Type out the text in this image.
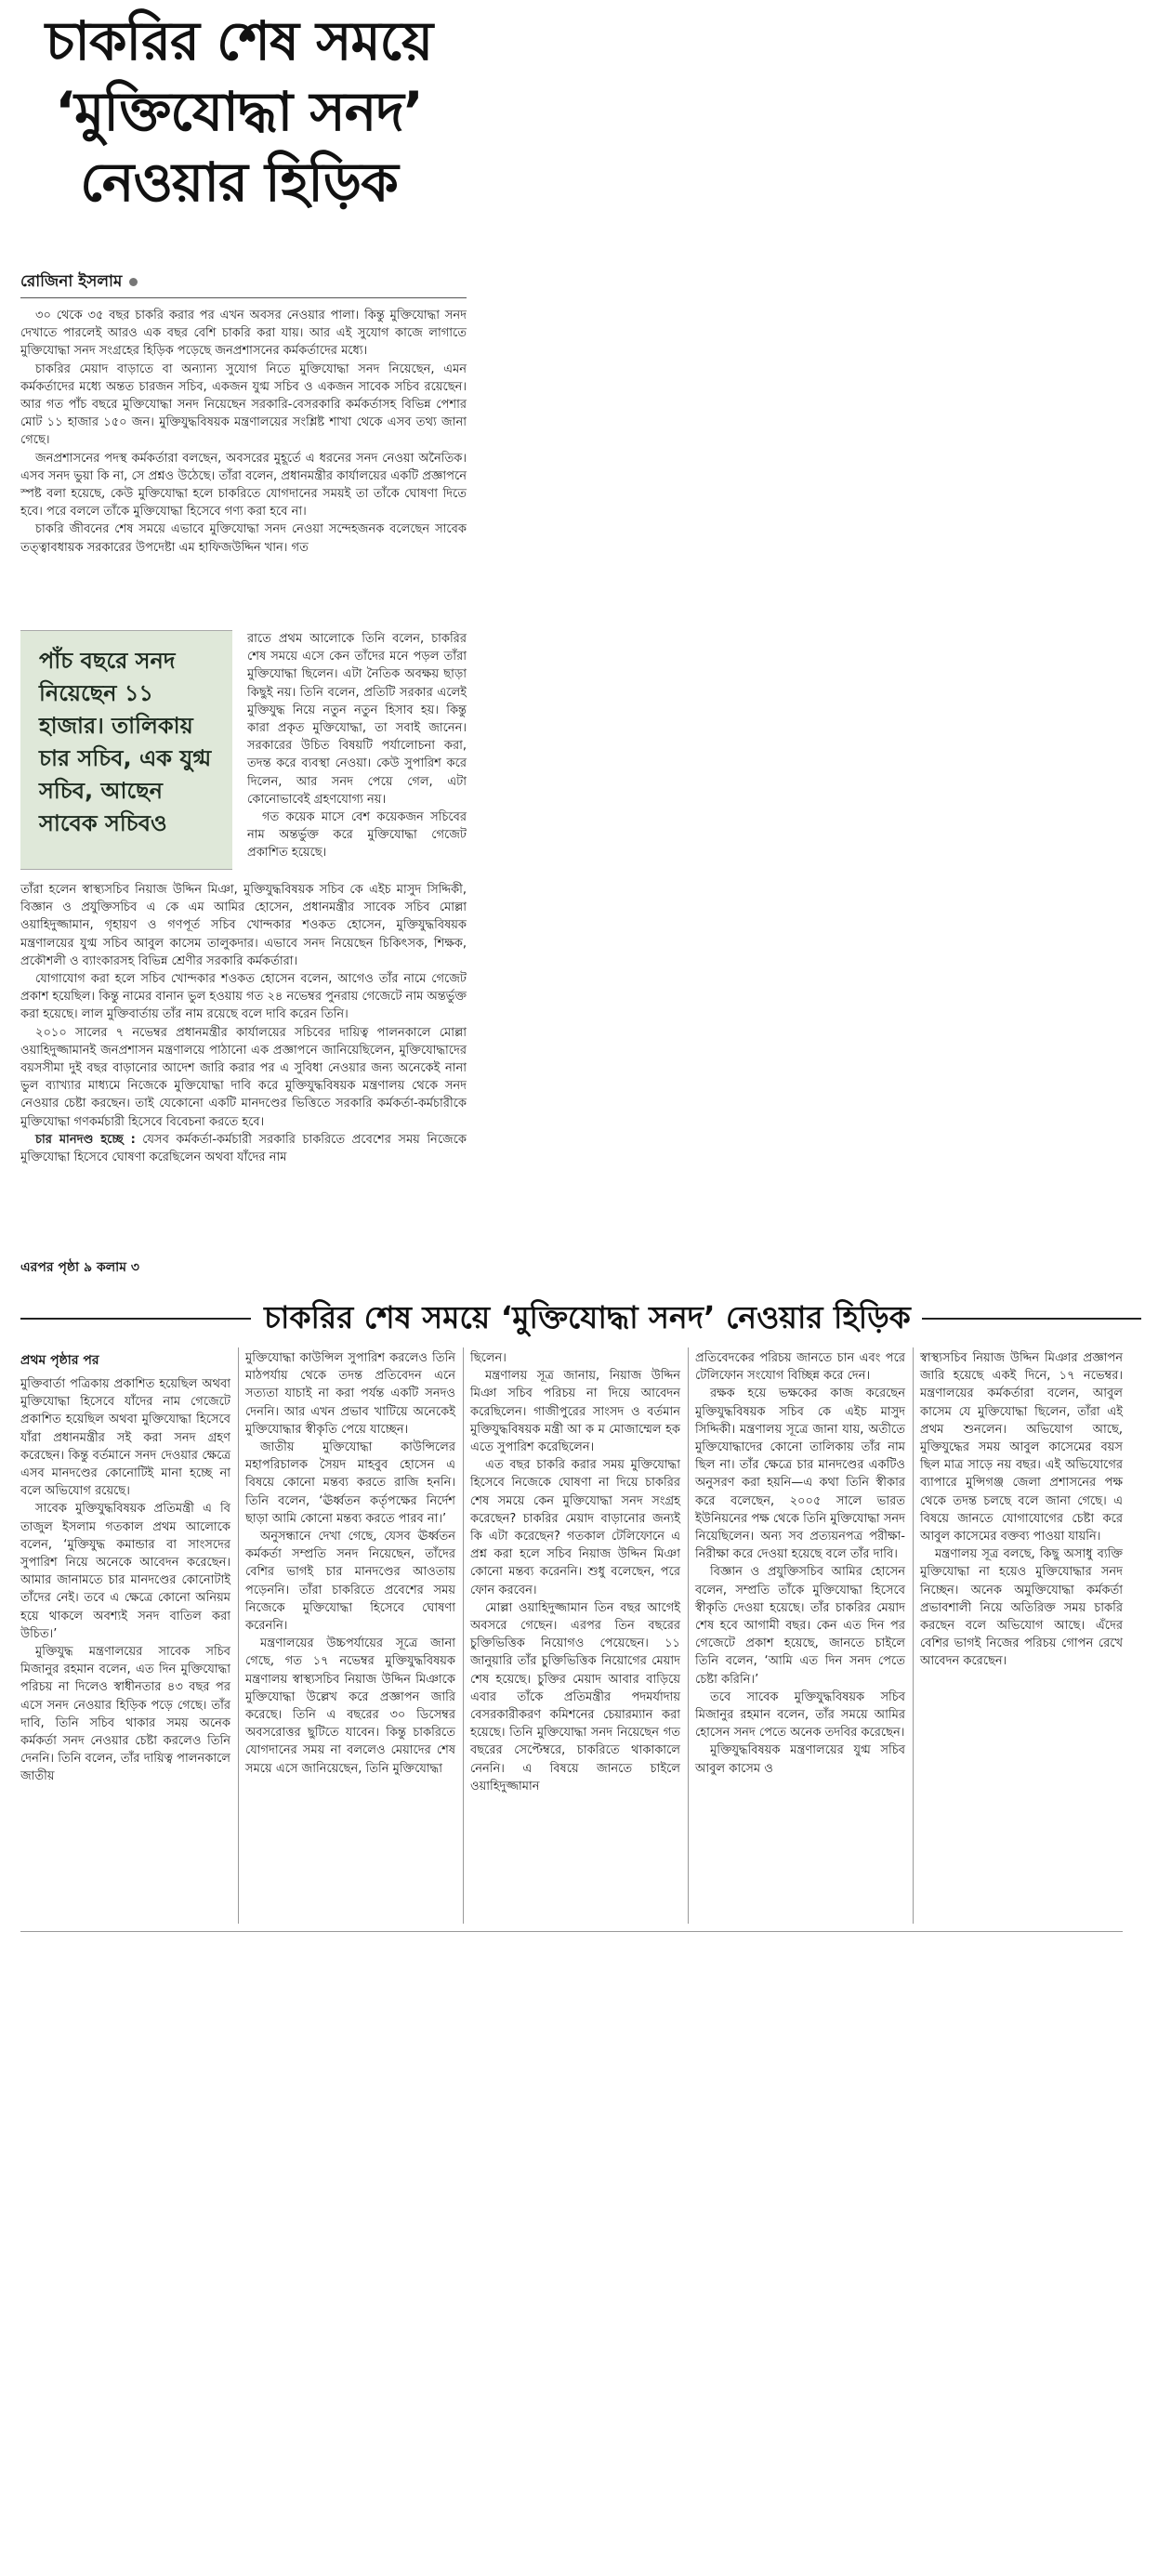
চাকরির শেষ সময়ে
‘মুক্তিযোদ্ধা সনদ’
নেওয়ার হিড়িক
রোজিনা ইসলাম

৩০ থেকে ৩৫ বছর চাকরি করার পর এখন অবসর নেওয়ার পালা। কিন্তু মুক্তিযোদ্ধা সনদ দেখাতে পারলেই আরও এক বছর বেশি চাকরি করা যায়। আর এই সুযোগ কাজে লাগাতে মুক্তিযোদ্ধা সনদ সংগ্রহের হিড়িক পড়েছে জনপ্রশাসনের কর্মকর্তাদের মধ্যে।

চাকরির মেয়াদ বাড়াতে বা অন্যান্য সুযোগ নিতে মুক্তিযোদ্ধা সনদ নিয়েছেন, এমন কর্মকর্তাদের মধ্যে অন্তত চারজন সচিব, একজন যুগ্ম সচিব ও একজন সাবেক সচিব রয়েছেন। আর গত পাঁচ বছরে মুক্তিযোদ্ধা সনদ নিয়েছেন সরকারি-বেসরকারি কর্মকর্তাসহ বিভিন্ন পেশার মোট ১১ হাজার ১৫০ জন। মুক্তিযুদ্ধবিষয়ক মন্ত্রণালয়ের সংশ্লিষ্ট শাখা থেকে এসব তথ্য জানা গেছে।

জনপ্রশাসনের পদস্থ কর্মকর্তারা বলছেন, অবসরের মুহূর্তে এ ধরনের সনদ নেওয়া অনৈতিক। এসব সনদ ভুয়া কি না, সে প্রশ্নও উঠেছে। তাঁরা বলেন, প্রধানমন্ত্রীর কার্যালয়ের একটি প্রজ্ঞাপনে স্পষ্ট বলা হয়েছে, কেউ মুক্তিযোদ্ধা হলে চাকরিতে যোগদানের সময়ই তা তাঁকে ঘোষণা দিতে হবে। পরে বললে তাঁকে মুক্তিযোদ্ধা হিসেবে গণ্য করা হবে না।

চাকরি জীবনের শেষ সময়ে এভাবে মুক্তিযোদ্ধা সনদ নেওয়া সন্দেহজনক বলেছেন সাবেক তত্ত্বাবধায়ক সরকারের উপদেষ্টা এম হাফিজউদ্দিন খান। গত

পাঁচ বছরে সনদ নিয়েছেন ১১ হাজার। তালিকায় চার সচিব, এক যুগ্ম সচিব, আছেন সাবেক সচিবও

রাতে প্রথম আলোকে তিনি বলেন, চাকরির শেষ সময়ে এসে কেন তাঁদের মনে পড়ল তাঁরা মুক্তিযোদ্ধা ছিলেন। এটা নৈতিক অবক্ষয় ছাড়া কিছুই নয়। তিনি বলেন, প্রতিটি সরকার এলেই মুক্তিযুদ্ধ নিয়ে নতুন নতুন হিসাব হয়। কিন্তু কারা প্রকৃত মুক্তিযোদ্ধা, তা সবাই জানেন। সরকারের উচিত বিষয়টি পর্যালোচনা করা, তদন্ত করে ব্যবস্থা নেওয়া। কেউ সুপারিশ করে দিলেন, আর সনদ পেয়ে গেল, এটা কোনোভাবেই গ্রহণযোগ্য নয়।

গত কয়েক মাসে বেশ কয়েকজন সচিবের নাম অন্তর্ভুক্ত করে মুক্তিযোদ্ধা গেজেট প্রকাশিত হয়েছে।

তাঁরা হলেন স্বাস্থ্যসচিব নিয়াজ উদ্দিন মিঞা, মুক্তিযুদ্ধবিষয়ক সচিব কে এইচ মাসুদ সিদ্দিকী, বিজ্ঞান ও প্রযুক্তিসচিব এ কে এম আমির হোসেন, প্রধানমন্ত্রীর সাবেক সচিব মোল্লা ওয়াহিদুজ্জামান, গৃহায়ণ ও গণপূর্ত সচিব খোন্দকার শওকত হোসেন, মুক্তিযুদ্ধবিষয়ক মন্ত্রণালয়ের যুগ্ম সচিব আবুল কাসেম তালুকদার। এভাবে সনদ নিয়েছেন চিকিৎসক, শিক্ষক, প্রকৌশলী ও ব্যাংকারসহ বিভিন্ন শ্রেণীর সরকারি কর্মকর্তারা।

যোগাযোগ করা হলে সচিব খোন্দকার শওকত হোসেন বলেন, আগেও তাঁর নামে গেজেট প্রকাশ হয়েছিল। কিন্তু নামের বানান ভুল হওয়ায় গত ২৪ নভেম্বর পুনরায় গেজেটে নাম অন্তর্ভুক্ত করা হয়েছে। লাল মুক্তিবার্তায় তাঁর নাম রয়েছে বলে দাবি করেন তিনি।

২০১০ সালের ৭ নভেম্বর প্রধানমন্ত্রীর কার্যালয়ের সচিবের দায়িত্ব পালনকালে মোল্লা ওয়াহিদুজ্জামানই জনপ্রশাসন মন্ত্রণালয়ে পাঠানো এক প্রজ্ঞাপনে জানিয়েছিলেন, মুক্তিযোদ্ধাদের বয়সসীমা দুই বছর বাড়ানোর আদেশ জারি করার পর এ সুবিধা নেওয়ার জন্য অনেকেই নানা ভুল ব্যাখ্যার মাধ্যমে নিজেকে মুক্তিযোদ্ধা দাবি করে মুক্তিযুদ্ধবিষয়ক মন্ত্রণালয় থেকে সনদ নেওয়ার চেষ্টা করছেন। তাই যেকোনো একটি মানদণ্ডের ভিত্তিতে সরকারি কর্মকর্তা-কর্মচারীকে মুক্তিযোদ্ধা গণকর্মচারী হিসেবে বিবেচনা করতে হবে।

চার মানদণ্ড হচ্ছে : যেসব কর্মকর্তা-কর্মচারী সরকারি চাকরিতে প্রবেশের সময় নিজেকে মুক্তিযোদ্ধা হিসেবে ঘোষণা করেছিলেন অথবা যাঁদের নাম

এরপর পৃষ্ঠা ৯ কলাম ৩
চাকরির শেষ সময়ে ‘মুক্তিযোদ্ধা সনদ’ নেওয়ার হিড়িক
প্রথম পৃষ্ঠার পর

মুক্তিবার্তা পত্রিকায় প্রকাশিত হয়েছিল অথবা মুক্তিযোদ্ধা হিসেবে যাঁদের নাম গেজেটে প্রকাশিত হয়েছিল অথবা মুক্তিযোদ্ধা হিসেবে যাঁরা প্রধানমন্ত্রীর সই করা সনদ গ্রহণ করেছেন। কিন্তু বর্তমানে সনদ দেওয়ার ক্ষেত্রে এসব মানদণ্ডের কোনোটিই মানা হচ্ছে না বলে অভিযোগ রয়েছে।

সাবেক মুক্তিযুদ্ধবিষয়ক প্রতিমন্ত্রী এ বি তাজুল ইসলাম গতকাল প্রথম আলোকে বলেন, ‘মুক্তিযুদ্ধ কমান্ডার বা সাংসদের সুপারিশ নিয়ে অনেকে আবেদন করেছেন। আমার জানামতে চার মানদণ্ডের কোনোটাই তাঁদের নেই। তবে এ ক্ষেত্রে কোনো অনিয়ম হয়ে থাকলে অবশ্যই সনদ বাতিল করা উচিত।’

মুক্তিযুদ্ধ মন্ত্রণালয়ের সাবেক সচিব মিজানুর রহমান বলেন, এত দিন মুক্তিযোদ্ধা পরিচয় না দিলেও স্বাধীনতার ৪৩ বছর পর এসে সনদ নেওয়ার হিড়িক পড়ে গেছে। তাঁর দাবি, তিনি সচিব থাকার সময় অনেক কর্মকর্তা সনদ নেওয়ার চেষ্টা করলেও তিনি দেননি। তিনি বলেন, তাঁর দায়িত্ব পালনকালে জাতীয়

মুক্তিযোদ্ধা কাউন্সিল সুপারিশ করলেও তিনি মাঠপর্যায় থেকে তদন্ত প্রতিবেদন এনে সত্যতা যাচাই না করা পর্যন্ত একটি সনদও দেননি। আর এখন প্রভাব খাটিয়ে অনেকেই মুক্তিযোদ্ধার স্বীকৃতি পেয়ে যাচ্ছেন।

জাতীয় মুক্তিযোদ্ধা কাউন্সিলের মহাপরিচালক সৈয়দ মাহবুব হোসেন এ বিষয়ে কোনো মন্তব্য করতে রাজি হননি। তিনি বলেন, ‘ঊর্ধ্বতন কর্তৃপক্ষের নির্দেশ ছাড়া আমি কোনো মন্তব্য করতে পারব না।’

অনুসন্ধানে দেখা গেছে, যেসব ঊর্ধ্বতন কর্মকর্তা সম্প্রতি সনদ নিয়েছেন, তাঁদের বেশির ভাগই চার মানদণ্ডের আওতায় পড়েননি। তাঁরা চাকরিতে প্রবেশের সময় নিজেকে মুক্তিযোদ্ধা হিসেবে ঘোষণা করেননি।

মন্ত্রণালয়ের উচ্চপর্যায়ের সূত্রে জানা গেছে, গত ১৭ নভেম্বর মুক্তিযুদ্ধবিষয়ক মন্ত্রণালয় স্বাস্থ্যসচিব নিয়াজ উদ্দিন মিঞাকে মুক্তিযোদ্ধা উল্লেখ করে প্রজ্ঞাপন জারি করেছে। তিনি এ বছরের ৩০ ডিসেম্বর অবসরোত্তর ছুটিতে যাবেন। কিন্তু চাকরিতে যোগদানের সময় না বললেও মেয়াদের শেষ সময়ে এসে জানিয়েছেন, তিনি মুক্তিযোদ্ধা

ছিলেন।

মন্ত্রণালয় সূত্র জানায়, নিয়াজ উদ্দিন মিঞা সচিব পরিচয় না দিয়ে আবেদন করেছিলেন। গাজীপুরের সাংসদ ও বর্তমান মুক্তিযুদ্ধবিষয়ক মন্ত্রী আ ক ম মোজাম্মেল হক এতে সুপারিশ করেছিলেন।

এত বছর চাকরি করার সময় মুক্তিযোদ্ধা হিসেবে নিজেকে ঘোষণা না দিয়ে চাকরির শেষ সময়ে কেন মুক্তিযোদ্ধা সনদ সংগ্রহ করেছেন? চাকরির মেয়াদ বাড়ানোর জন্যই কি এটা করেছেন? গতকাল টেলিফোনে এ প্রশ্ন করা হলে সচিব নিয়াজ উদ্দিন মিঞা কোনো মন্তব্য করেননি। শুধু বলেছেন, পরে ফোন করবেন।

মোল্লা ওয়াহিদুজ্জামান তিন বছর আগেই অবসরে গেছেন। এরপর তিন বছরের চুক্তিভিত্তিক নিয়োগও পেয়েছেন। ১১ জানুয়ারি তাঁর চুক্তিভিত্তিক নিয়োগের মেয়াদ শেষ হয়েছে। চুক্তির মেয়াদ আবার বাড়িয়ে এবার তাঁকে প্রতিমন্ত্রীর পদমর্যাদায় বেসরকারীকরণ কমিশনের চেয়ারম্যান করা হয়েছে। তিনি মুক্তিযোদ্ধা সনদ নিয়েছেন গত বছরের সেপ্টেম্বরে, চাকরিতে থাকাকালে নেননি। এ বিষয়ে জানতে চাইলে ওয়াহিদুজ্জামান

প্রতিবেদকের পরিচয় জানতে চান এবং পরে টেলিফোন সংযোগ বিচ্ছিন্ন করে দেন।

রক্ষক হয়ে ভক্ষকের কাজ করেছেন মুক্তিযুদ্ধবিষয়ক সচিব কে এইচ মাসুদ সিদ্দিকী। মন্ত্রণালয় সূত্রে জানা যায়, অতীতে মুক্তিযোদ্ধাদের কোনো তালিকায় তাঁর নাম ছিল না। তাঁর ক্ষেত্রে চার মানদণ্ডের একটিও অনুসরণ করা হয়নি—এ কথা তিনি স্বীকার করে বলেছেন, ২০০৫ সালে ভারত ইউনিয়নের পক্ষ থেকে তিনি মুক্তিযোদ্ধা সনদ নিয়েছিলেন। অন্য সব প্রত্যয়নপত্র পরীক্ষা-নিরীক্ষা করে দেওয়া হয়েছে বলে তাঁর দাবি।

বিজ্ঞান ও প্রযুক্তিসচিব আমির হোসেন বলেন, সম্প্রতি তাঁকে মুক্তিযোদ্ধা হিসেবে স্বীকৃতি দেওয়া হয়েছে। তাঁর চাকরির মেয়াদ শেষ হবে আগামী বছর। কেন এত দিন পর গেজেটে প্রকাশ হয়েছে, জানতে চাইলে তিনি বলেন, ‘আমি এত দিন সনদ পেতে চেষ্টা করিনি।’

তবে সাবেক মুক্তিযুদ্ধবিষয়ক সচিব মিজানুর রহমান বলেন, তাঁর সময়ে আমির হোসেন সনদ পেতে অনেক তদবির করেছেন।

মুক্তিযুদ্ধবিষয়ক মন্ত্রণালয়ের যুগ্ম সচিব আবুল কাসেম ও

স্বাস্থ্যসচিব নিয়াজ উদ্দিন মিঞার প্রজ্ঞাপন জারি হয়েছে একই দিনে, ১৭ নভেম্বর। মন্ত্রণালয়ের কর্মকর্তারা বলেন, আবুল কাসেম যে মুক্তিযোদ্ধা ছিলেন, তাঁরা এই প্রথম শুনলেন। অভিযোগ আছে, মুক্তিযুদ্ধের সময় আবুল কাসেমের বয়স ছিল মাত্র সাড়ে নয় বছর। এই অভিযোগের ব্যাপারে মুন্সিগঞ্জ জেলা প্রশাসনের পক্ষ থেকে তদন্ত চলছে বলে জানা গেছে। এ বিষয়ে জানতে যোগাযোগের চেষ্টা করে আবুল কাসেমের বক্তব্য পাওয়া যায়নি।

মন্ত্রণালয় সূত্র বলছে, কিছু অসাধু ব্যক্তি মুক্তিযোদ্ধা না হয়েও মুক্তিযোদ্ধার সনদ নিচ্ছেন। অনেক অমুক্তিযোদ্ধা কর্মকর্তা প্রভাবশালী নিয়ে অতিরিক্ত সময় চাকরি করছেন বলে অভিযোগ আছে। এঁদের বেশির ভাগই নিজের পরিচয় গোপন রেখে আবেদন করেছেন।
